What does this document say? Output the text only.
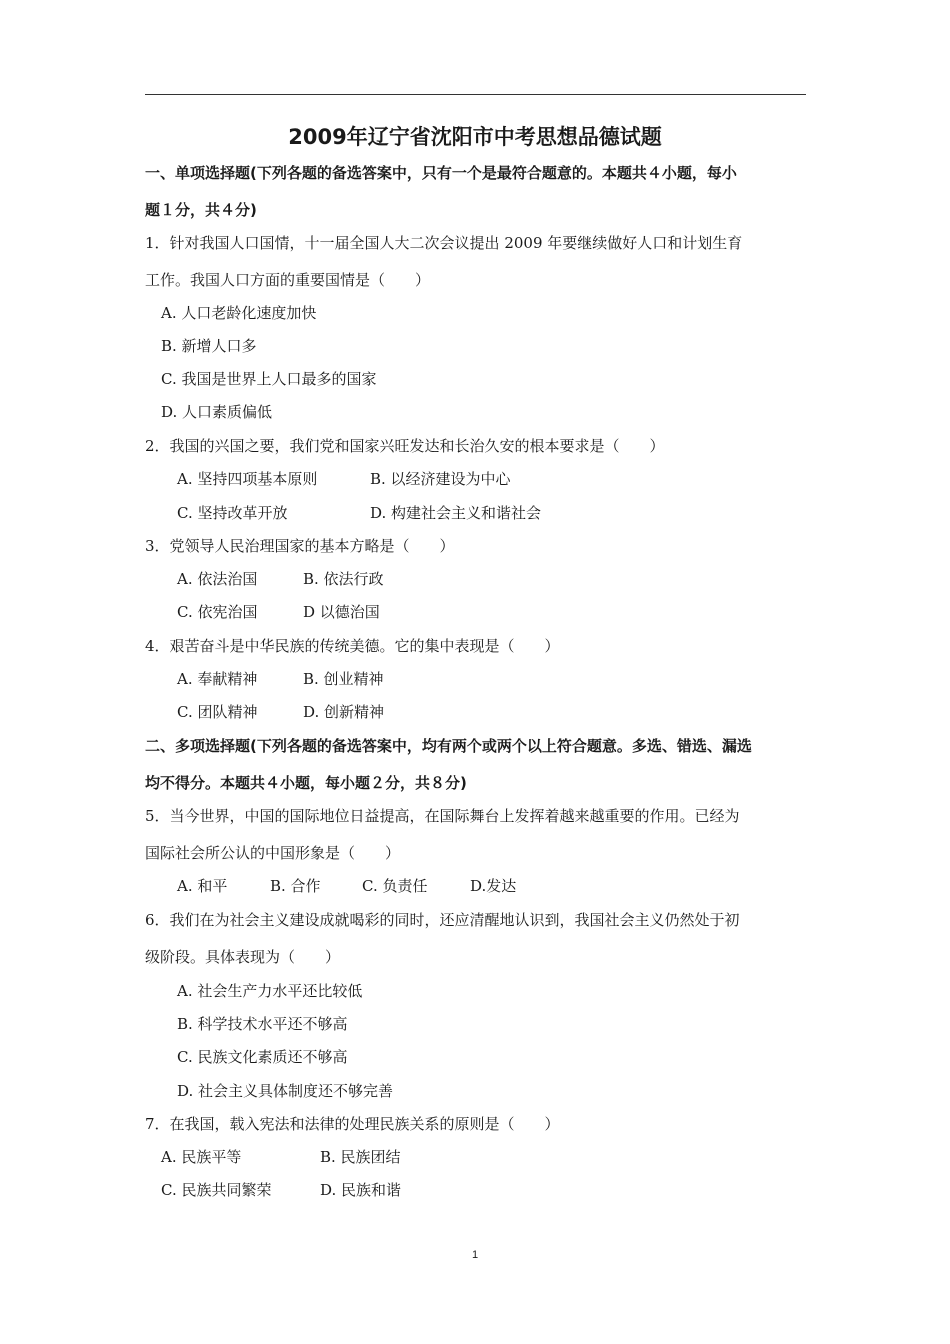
2009年辽宁省沈阳市中考思想品德试题
一、单项选择题(下列各题的备选答案中，只有一个是最符合题意的。本题共４小题，每小
题１分，共４分)
1．针对我国人口国情，十一届全国人大二次会议提出 2009 年要继续做好人口和计划生育
工作。我国人口方面的重要国情是（　　）
A. 人口老龄化速度加快
B. 新增人口多
C. 我国是世界上人口最多的国家
D. 人口素质偏低
2．我国的兴国之要，我们党和国家兴旺发达和长治久安的根本要求是（　　）
A. 坚持四项基本原则	B. 以经济建设为中心
C. 坚持改革开放	D. 构建社会主义和谐社会
3．党领导人民治理国家的基本方略是（　　）
A. 依法治国	B. 依法行政
C. 依宪治国	D 以德治国
4．艰苦奋斗是中华民族的传统美德。它的集中表现是（　　）
A. 奉献精神	B. 创业精神
C. 团队精神	D. 创新精神
二、多项选择题(下列各题的备选答案中，均有两个或两个以上符合题意。多选、错选、漏选
均不得分。本题共４小题，每小题２分，共８分)
5．当今世界，中国的国际地位日益提高，在国际舞台上发挥着越来越重要的作用。已经为
国际社会所公认的中国形象是（　　）
A. 和平	B. 合作	C. 负责任	D.发达
6．我们在为社会主义建设成就喝彩的同时，还应清醒地认识到，我国社会主义仍然处于初
级阶段。具体表现为（　　）
A. 社会生产力水平还比较低
B. 科学技术水平还不够高
C. 民族文化素质还不够高
D. 社会主义具体制度还不够完善
7．在我国，载入宪法和法律的处理民族关系的原则是（　　）
A. 民族平等	B. 民族团结
C. 民族共同繁荣	D. 民族和谐
1
